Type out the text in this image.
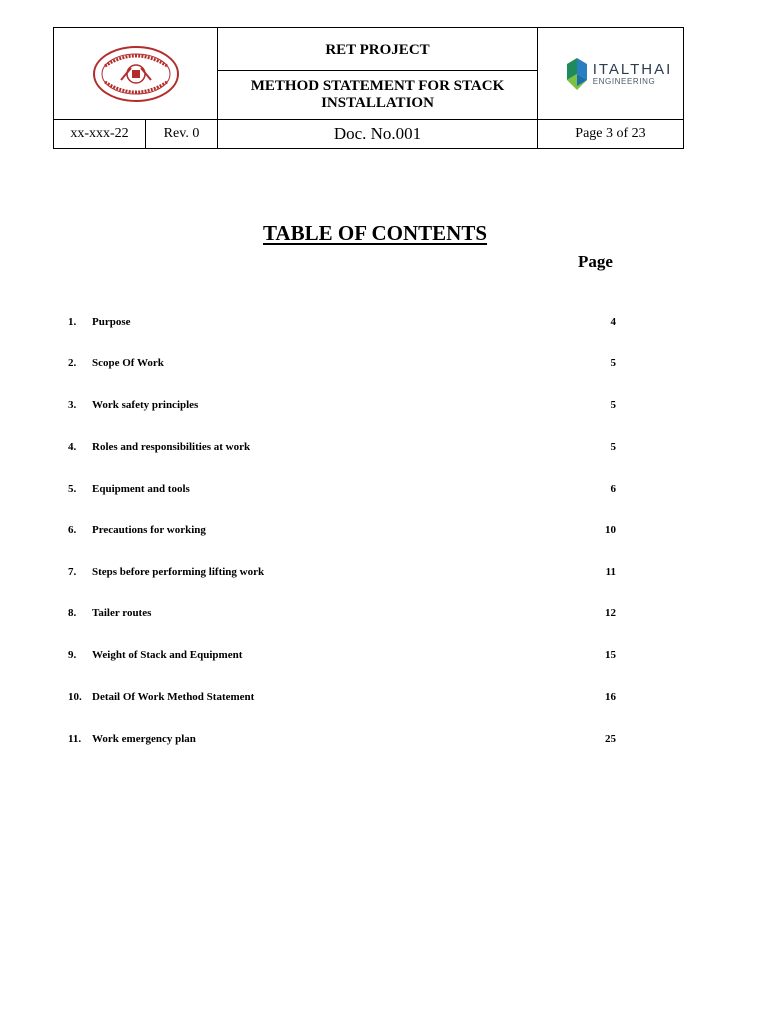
RET PROJECT
METHOD STATEMENT FOR STACK INSTALLATION
ITALTHAI
ENGINEERING
xx-xxx-22	Rev. 0	Doc. No.001	Page 3 of 23
TABLE OF CONTENTS
Page
1. Purpose	4
2. Scope Of Work	5
3. Work safety principles	5
4. Roles and responsibilities at work	5
5. Equipment and tools	6
6. Precautions for working	10
7. Steps before performing lifting work	11
8. Tailer routes	12
9. Weight of Stack and Equipment	15
10. Detail Of Work Method Statement	16
11. Work emergency plan	25
